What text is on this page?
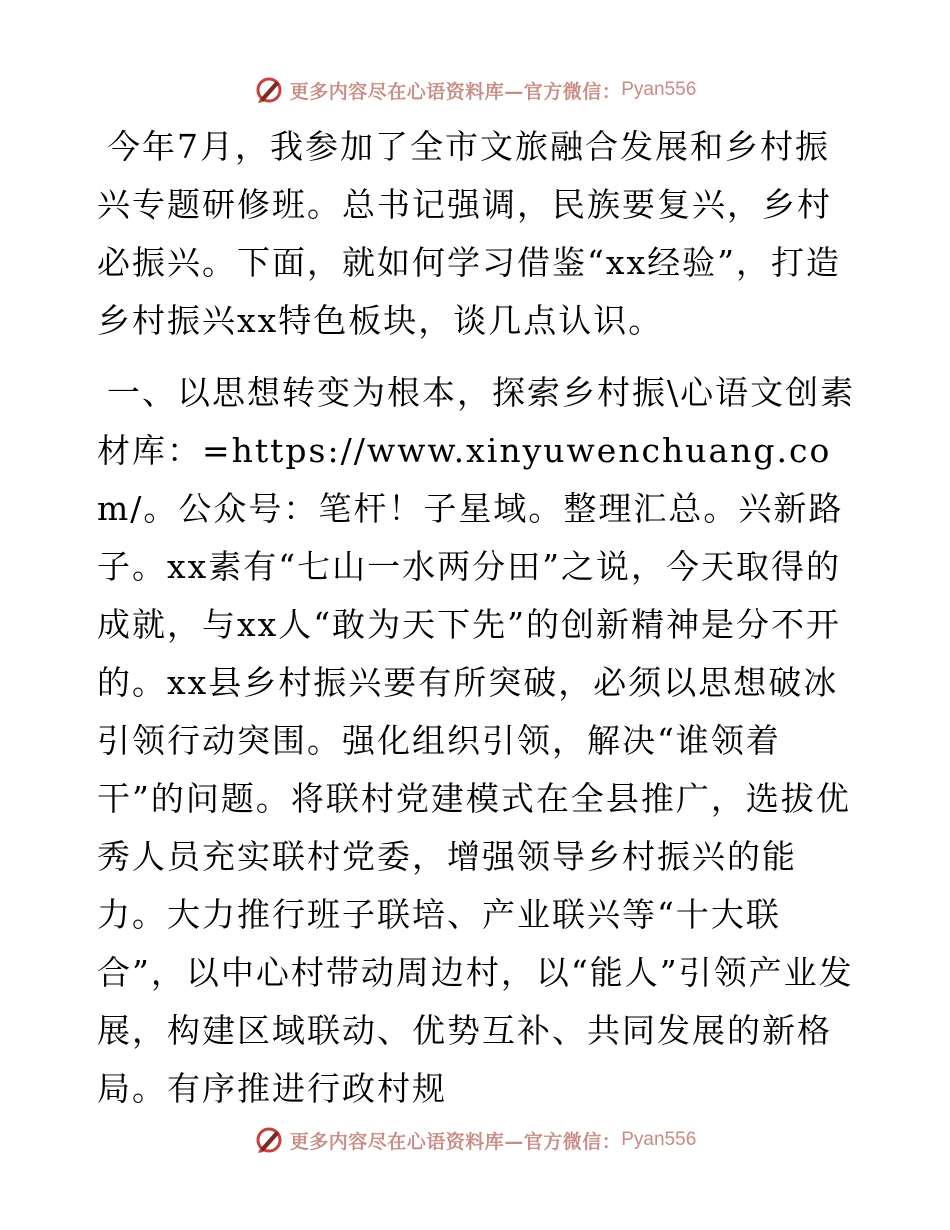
更多内容尽在心语资料库—官方微信： Pyan556

今年7月，我参加了全市文旅融合发展和乡村振兴专题研修班。总书记强调，民族要复兴，乡村必振兴。下面，就如何学习借鉴“xx经验”，打造乡村振兴xx特色板块，谈几点认识。

一、以思想转变为根本，探索乡村振\心语文创素材库：=https://www.xinyuwenchuang.com/。公众号：笔杆！子星域。整理汇总。兴新路子。xx素有“七山一水两分田”之说，今天取得的成就，与xx人“敢为天下先”的创新精神是分不开的。xx县乡村振兴要有所突破，必须以思想破冰引领行动突围。强化组织引领，解决“谁领着干”的问题。将联村党建模式在全县推广，选拔优秀人员充实联村党委，增强领导乡村振兴的能力。大力推行班子联培、产业联兴等“十大联合”，以中心村带动周边村，以“能人”引领产业发展，构建区域联动、优势互补、共同发展的新格局。有序推进行政村规

更多内容尽在心语资料库—官方微信： Pyan556
